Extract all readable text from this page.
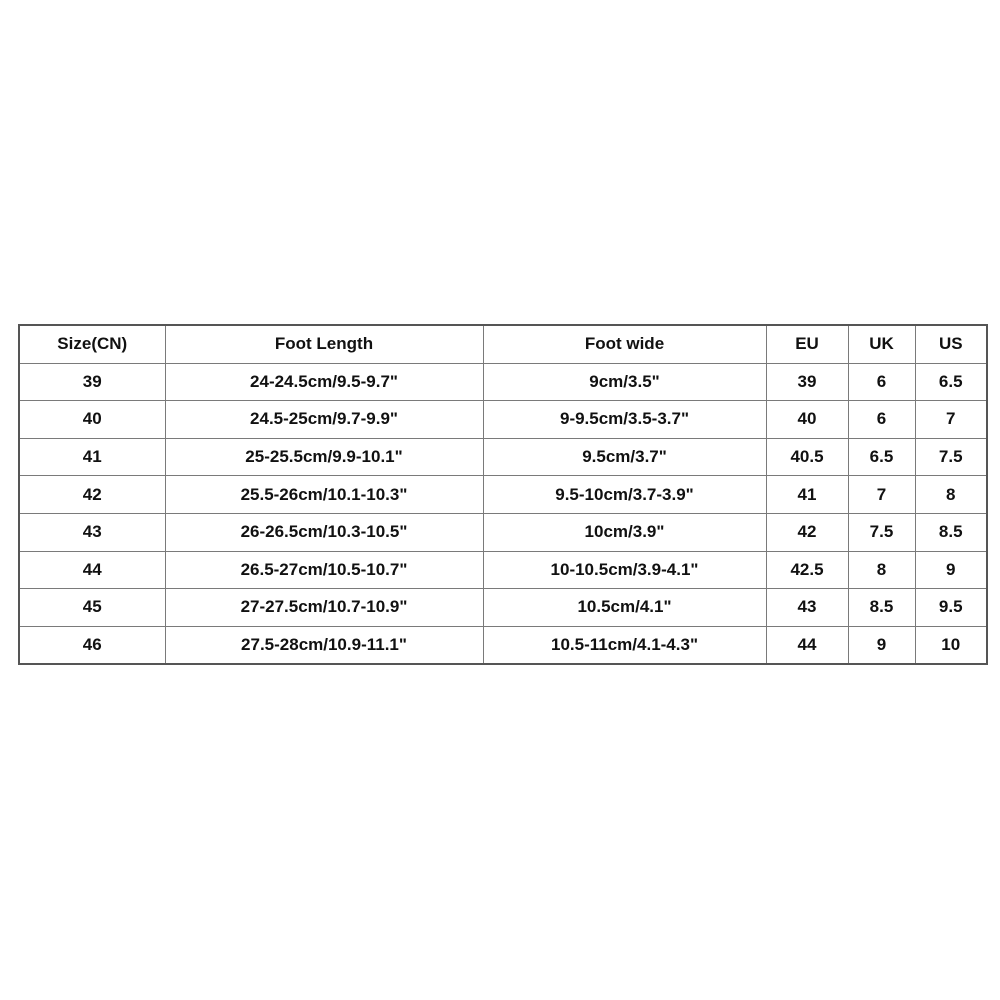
Size(CN)	Foot Length	Foot wide	EU	UK	US
39	24-24.5cm/9.5-9.7"	9cm/3.5"	39	6	6.5
40	24.5-25cm/9.7-9.9"	9-9.5cm/3.5-3.7"	40	6	7
41	25-25.5cm/9.9-10.1"	9.5cm/3.7"	40.5	6.5	7.5
42	25.5-26cm/10.1-10.3"	9.5-10cm/3.7-3.9"	41	7	8
43	26-26.5cm/10.3-10.5"	10cm/3.9"	42	7.5	8.5
44	26.5-27cm/10.5-10.7"	10-10.5cm/3.9-4.1"	42.5	8	9
45	27-27.5cm/10.7-10.9"	10.5cm/4.1"	43	8.5	9.5
46	27.5-28cm/10.9-11.1"	10.5-11cm/4.1-4.3"	44	9	10
